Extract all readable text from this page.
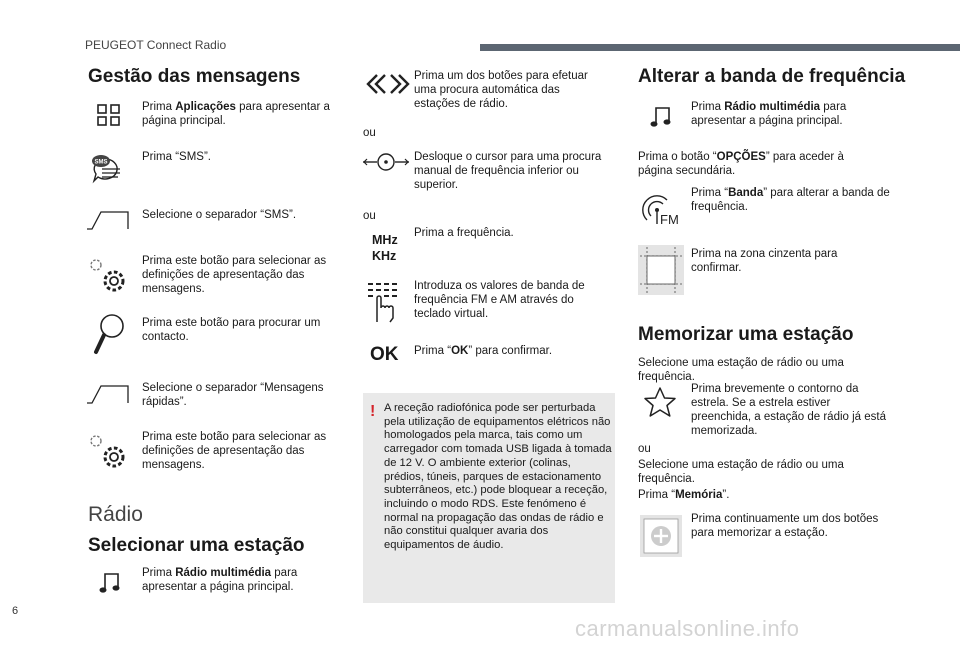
PEUGEOT Connect Radio
6
carmanualsonline.info
Gestão das mensagens
Prima Aplicações para apresentar a página principal.
SMS	Prima “SMS”.
Selecione o separador “SMS”.
Prima este botão para selecionar as definições de apresentação das mensagens.
Prima este botão para procurar um contacto.
Selecione o separador “Mensagens rápidas”.
Prima este botão para selecionar as definições de apresentação das mensagens.
Rádio
Selecionar uma estação
Prima Rádio multimédia para apresentar a página principal.
Prima um dos botões para efetuar uma procura automática das estações de rádio.
ou
Desloque o cursor para uma procura manual de frequência inferior ou superior.
ou
MHz
KHz
Prima a frequência.
Introduza os valores de banda de frequência FM e AM através do teclado virtual.
OK Prima “OK” para confirmar.
! A receção radiofónica pode ser perturbada pela utilização de equipamentos elétricos não homologados pela marca, tais como um carregador com tomada USB ligada à tomada de 12 V. O ambiente exterior (colinas, prédios, túneis, parques de estacionamento subterrâneos, etc.) pode bloquear a receção, incluindo o modo RDS. Este fenómeno é normal na propagação das ondas de rádio e não constitui qualquer avaria dos equipamentos de áudio.
Alterar a banda de frequência
Prima Rádio multimédia para apresentar a página principal.
Prima o botão “OPÇÕES” para aceder à página secundária.
FM
Prima “Banda” para alterar a banda de frequência.
Prima na zona cinzenta para confirmar.
Memorizar uma estação
Selecione uma estação de rádio ou uma frequência.
Prima brevemente o contorno da estrela. Se a estrela estiver preenchida, a estação de rádio já está memorizada.
ou
Selecione uma estação de rádio ou uma frequência.
Prima “Memória”.
Prima continuamente um dos botões para memorizar a estação.
